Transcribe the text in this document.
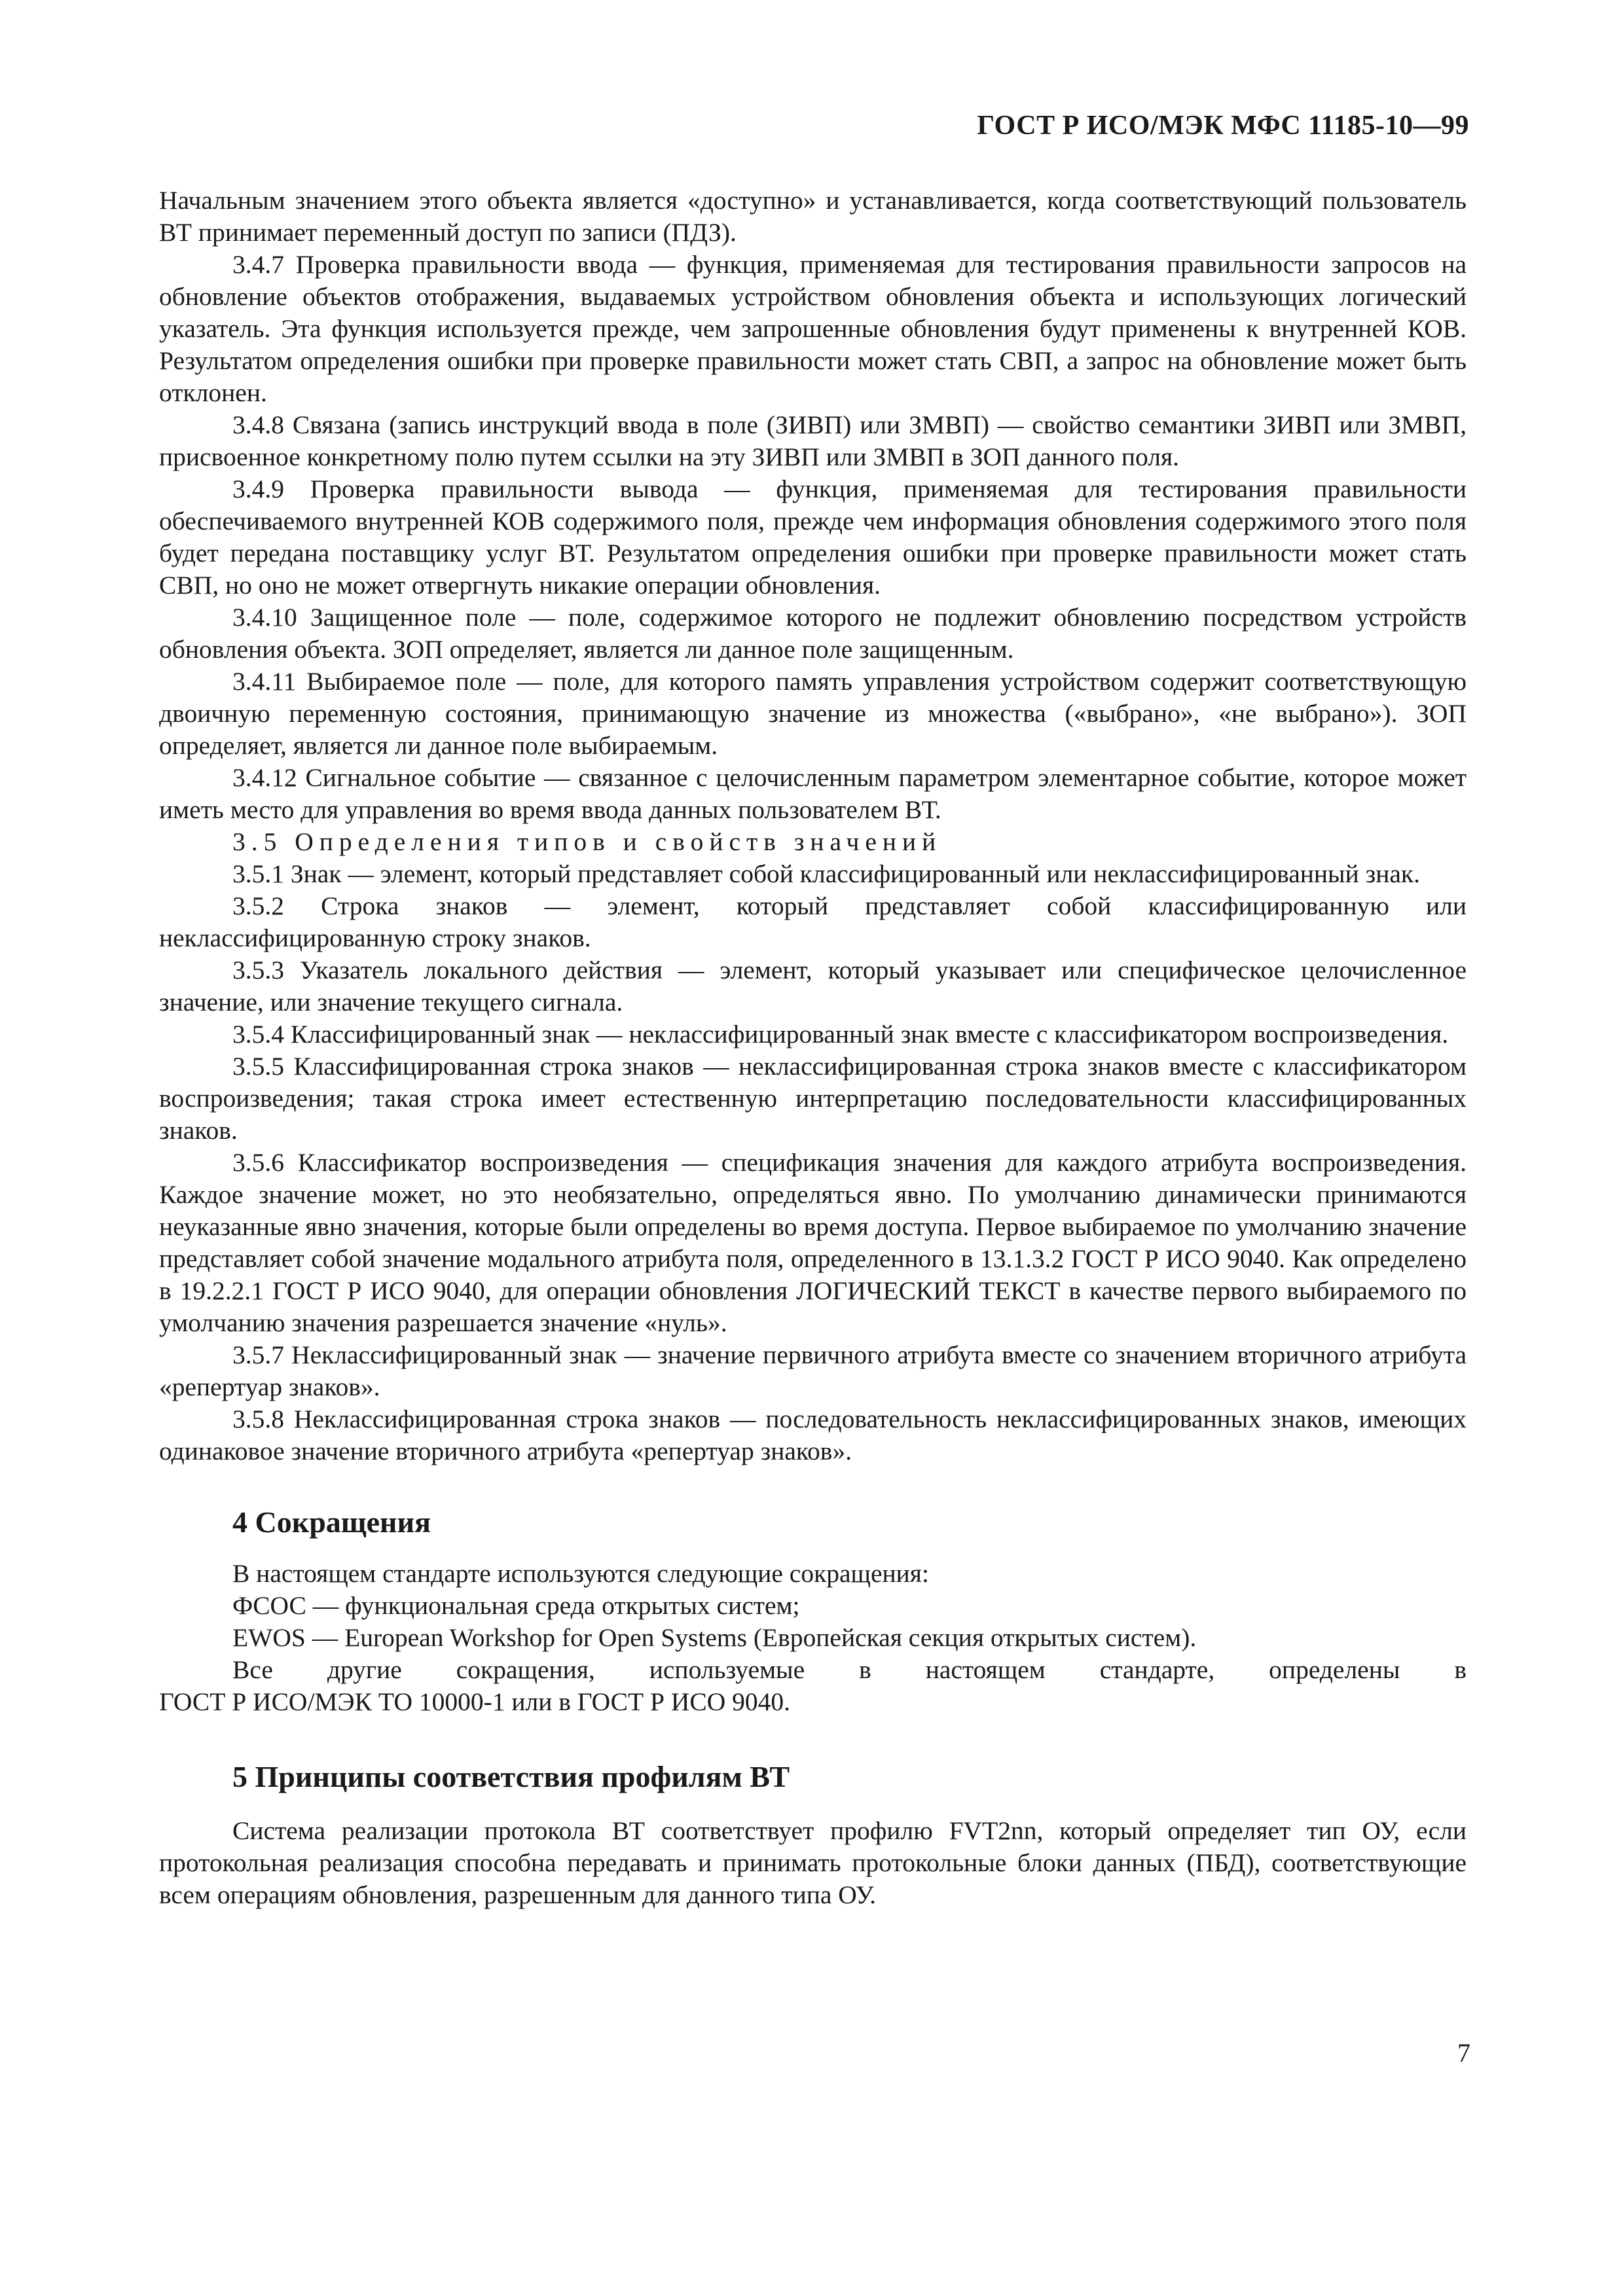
ГОСТ Р ИСО/МЭК МФС 11185-10—99

Начальным значением этого объекта является «доступно» и устанавливается, когда соответствующий пользователь ВТ принимает переменный доступ по записи (ПДЗ).

3.4.7 Проверка правильности ввода — функция, применяемая для тестирования правильности запросов на обновление объектов отображения, выдаваемых устройством обновления объекта и использующих логический указатель. Эта функция используется прежде, чем запрошенные обновления будут применены к внутренней КОВ. Результатом определения ошибки при проверке правильности может стать СВП, а запрос на обновление может быть отклонен.

3.4.8 Связана (запись инструкций ввода в поле (ЗИВП) или ЗМВП) — свойство семантики ЗИВП или ЗМВП, присвоенное конкретному полю путем ссылки на эту ЗИВП или ЗМВП в ЗОП данного поля.

3.4.9 Проверка правильности вывода — функция, применяемая для тестирования правильности обеспечиваемого внутренней КОВ содержимого поля, прежде чем информация обновления содержимого этого поля будет передана поставщику услуг ВТ. Результатом определения ошибки при проверке правильности может стать СВП, но оно не может отвергнуть никакие операции обновления.

3.4.10 Защищенное поле — поле, содержимое которого не подлежит обновлению посредством устройств обновления объекта. ЗОП определяет, является ли данное поле защищенным.

3.4.11 Выбираемое поле — поле, для которого память управления устройством содержит соответствующую двоичную переменную состояния, принимающую значение из множества («выбрано», «не выбрано»). ЗОП определяет, является ли данное поле выбираемым.

3.4.12 Сигнальное событие — связанное с целочисленным параметром элементарное событие, которое может иметь место для управления во время ввода данных пользователем ВТ.

3.5 Определения типов и свойств значений

3.5.1 Знак — элемент, который представляет собой классифицированный или неклассифицированный знак.

3.5.2 Строка знаков — элемент, который представляет собой классифицированную или неклассифицированную строку знаков.

3.5.3 Указатель локального действия — элемент, который указывает или специфическое целочисленное значение, или значение текущего сигнала.

3.5.4 Классифицированный знак — неклассифицированный знак вместе с классификатором воспроизведения.

3.5.5 Классифицированная строка знаков — неклассифицированная строка знаков вместе с классификатором воспроизведения; такая строка имеет естественную интерпретацию последовательности классифицированных знаков.

3.5.6 Классификатор воспроизведения — спецификация значения для каждого атрибута воспроизведения. Каждое значение может, но это необязательно, определяться явно. По умолчанию динамически принимаются неуказанные явно значения, которые были определены во время доступа. Первое выбираемое по умолчанию значение представляет собой значение модального атрибута поля, определенного в 13.1.3.2 ГОСТ Р ИСО 9040. Как определено в 19.2.2.1 ГОСТ Р ИСО 9040, для операции обновления ЛОГИЧЕСКИЙ ТЕКСТ в качестве первого выбираемого по умолчанию значения разрешается значение «нуль».

3.5.7 Неклассифицированный знак — значение первичного атрибута вместе со значением вторичного атрибута «репертуар знаков».

3.5.8 Неклассифицированная строка знаков — последовательность неклассифицированных знаков, имеющих одинаковое значение вторичного атрибута «репертуар знаков».

4 Сокращения

В настоящем стандарте используются следующие сокращения:

ФСОС — функциональная среда открытых систем;

EWOS — European Workshop for Open Systems (Европейская секция открытых систем).

Все другие сокращения, используемые в настоящем стандарте, определены в

ГОСТ Р ИСО/МЭК ТО 10000-1 или в ГОСТ Р ИСО 9040.

5 Принципы соответствия профилям ВТ

Система реализации протокола ВТ соответствует профилю FVT2nn, который определяет тип ОУ, если протокольная реализация способна передавать и принимать протокольные блоки данных (ПБД), соответствующие всем операциям обновления, разрешенным для данного типа ОУ.

7
